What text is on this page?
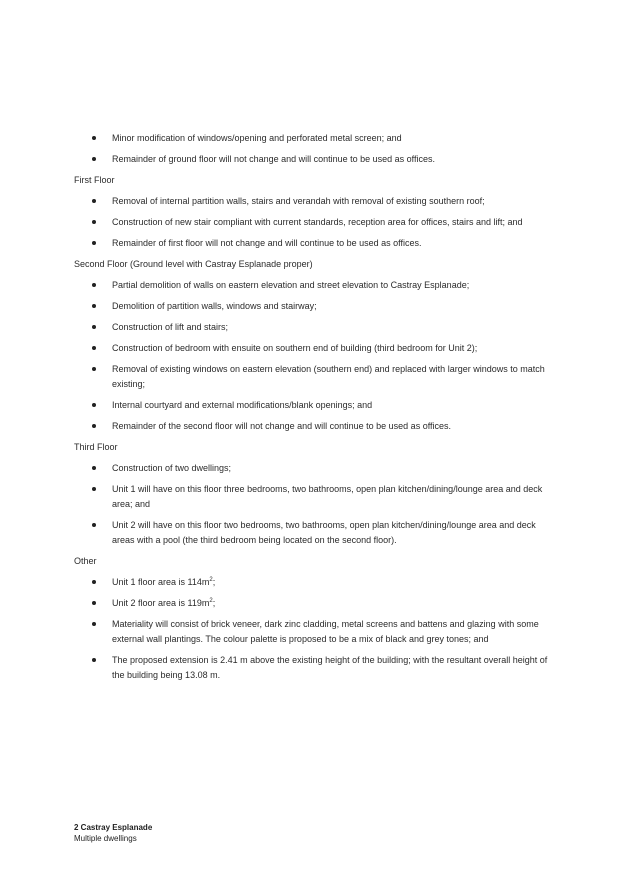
Minor modification of windows/opening and perforated metal screen; and
Remainder of ground floor will not change and will continue to be used as offices.

First Floor

Removal of internal partition walls, stairs and verandah with removal of existing southern roof;
Construction of new stair compliant with current standards, reception area for offices, stairs and lift; and
Remainder of first floor will not change and will continue to be used as offices.

Second Floor (Ground level with Castray Esplanade proper)

Partial demolition of walls on eastern elevation and street elevation to Castray Esplanade;
Demolition of partition walls, windows and stairway;
Construction of lift and stairs;
Construction of bedroom with ensuite on southern end of building (third bedroom for Unit 2);
Removal of existing windows on eastern elevation (southern end) and replaced with larger windows to match existing;
Internal courtyard and external modifications/blank openings; and
Remainder of the second floor will not change and will continue to be used as offices.

Third Floor

Construction of two dwellings;
Unit 1 will have on this floor three bedrooms, two bathrooms, open plan kitchen/dining/lounge area and deck area; and
Unit 2 will have on this floor two bedrooms, two bathrooms, open plan kitchen/dining/lounge area and deck areas with a pool (the third bedroom being located on the second floor).

Other

Unit 1 floor area is $114m^2$;
Unit 2 floor area is $119m^2$;
Materiality will consist of brick veneer, dark zinc cladding, metal screens and battens and glazing with some external wall plantings. The colour palette is proposed to be a mix of black and grey tones; and
The proposed extension is 2.41 m above the existing height of the building; with the resultant overall height of the building being 13.08 m.
2 Castray Esplanade
Multiple dwellings
